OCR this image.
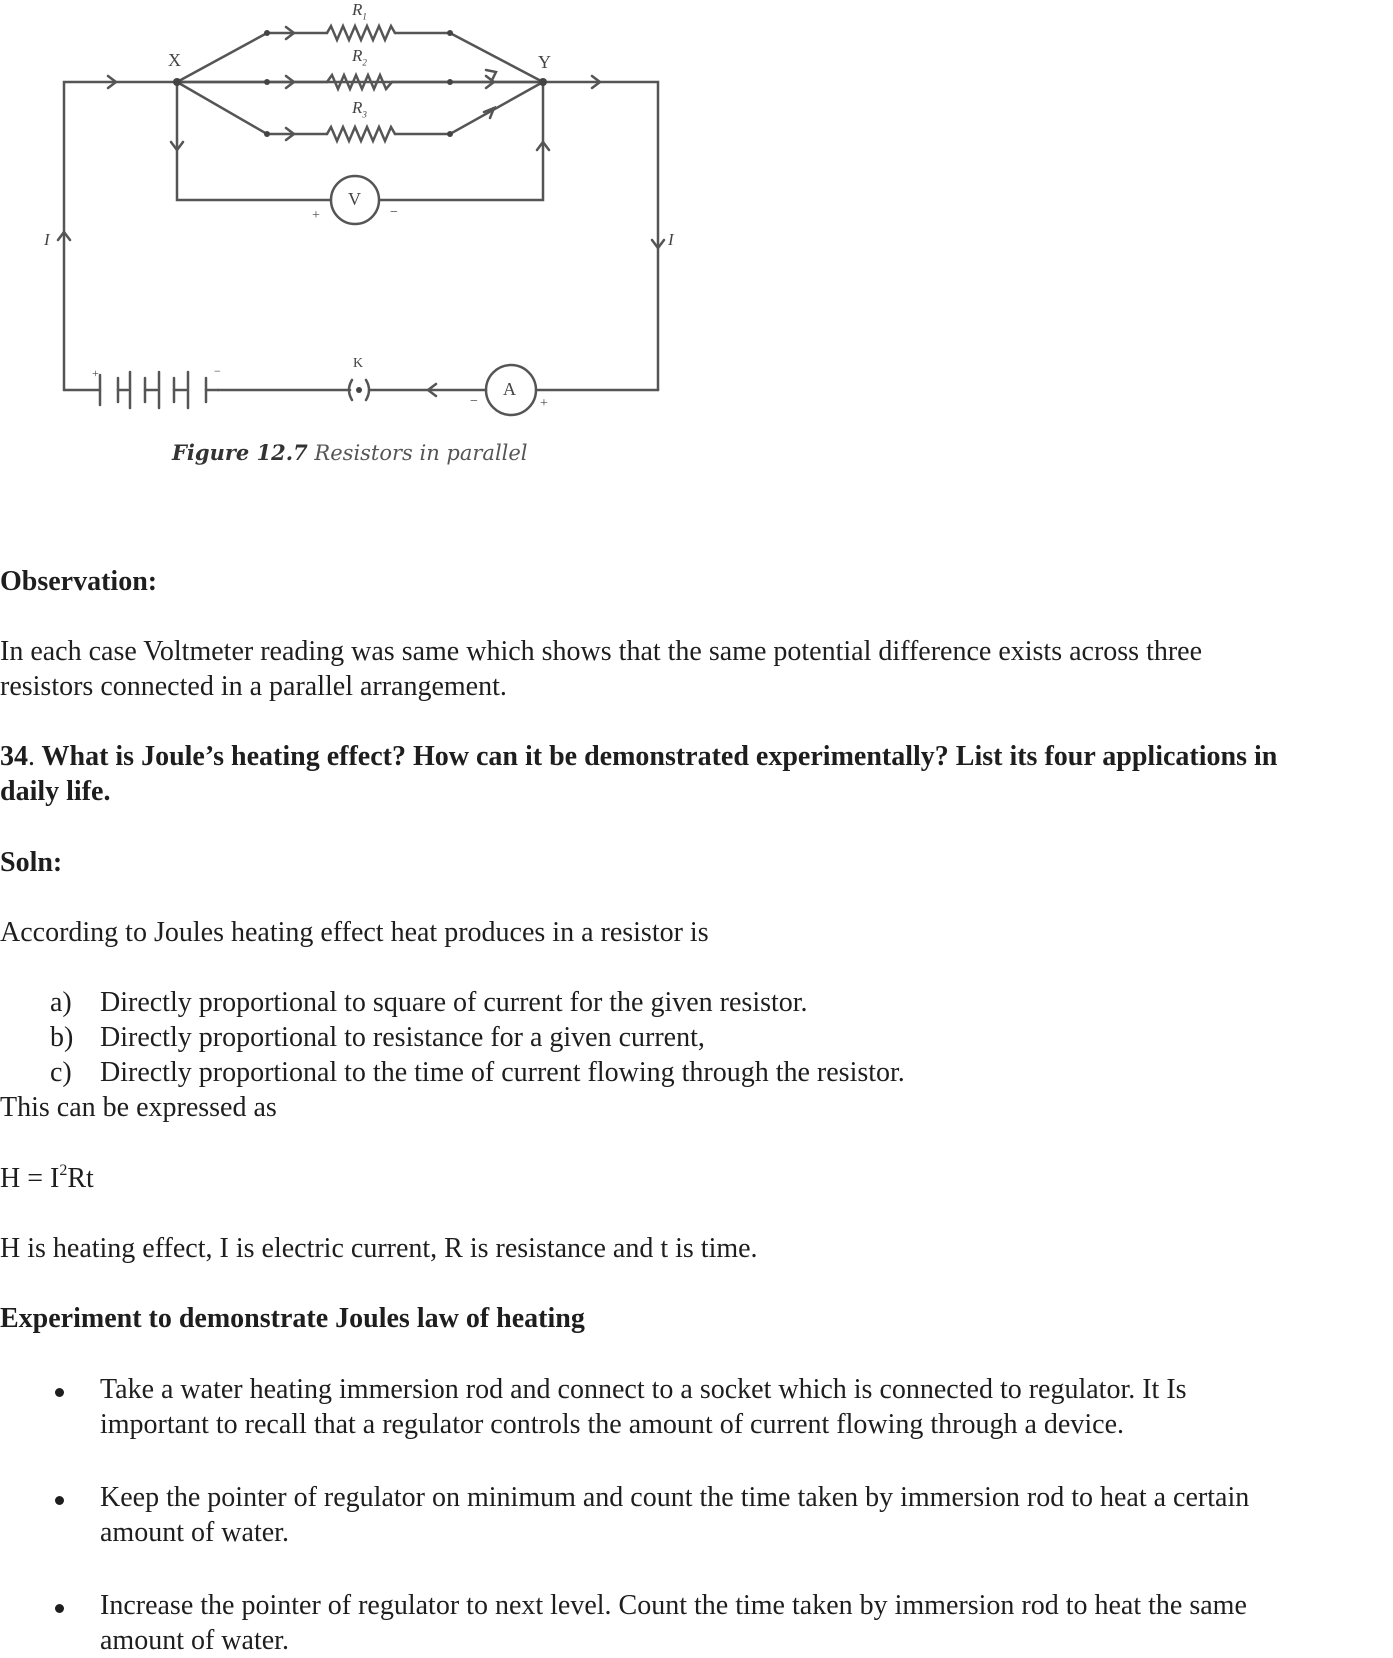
X	Y
$R_1$
$R_2$
$R_3$
V
+	−
A
−	+
K
+	−
I	I
Figure 12.7 Resistors in parallel
Observation:
In each case Voltmeter reading was same which shows that the same potential difference exists across three
resistors connected in a parallel arrangement.
34. What is Joule’s heating effect? How can it be demonstrated experimentally? List its four applications in
daily life.
Soln:
According to Joules heating effect heat produces in a resistor is
a) Directly proportional to square of current for the given resistor.
b) Directly proportional to resistance for a given current,
c) Directly proportional to the time of current flowing through the resistor.
This can be expressed as
$H = I^2Rt$
H is heating effect, I is electric current, R is resistance and t is time.
Experiment to demonstrate Joules law of heating
Take a water heating immersion rod and connect to a socket which is connected to regulator. It Is
important to recall that a regulator controls the amount of current flowing through a device.
Keep the pointer of regulator on minimum and count the time taken by immersion rod to heat a certain
amount of water.
Increase the pointer of regulator to next level. Count the time taken by immersion rod to heat the same
amount of water.
